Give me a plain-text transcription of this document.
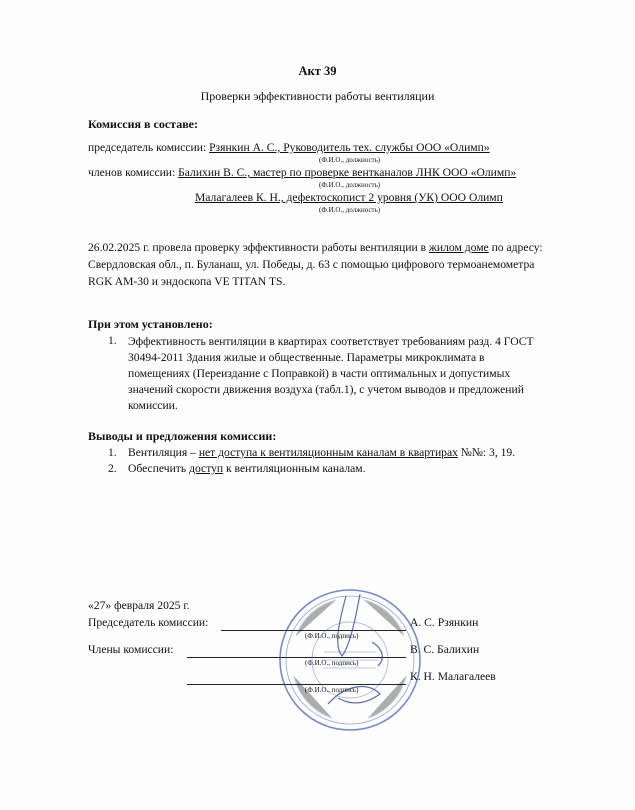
Акт 39
Проверки эффективности работы вентиляции
Комиссия в составе:
председатель комиссии: Рзянкин А. С., Руководитель тех. службы ООО «Олимп»
(Ф.И.О., должность)
членов комиссии: Балихин В. С., мастер по проверке вентканалов ЛНК ООО «Олимп»
(Ф.И.О., должность)
Малагалеев К. Н., дефектоскопист 2 уровня (УК) ООО Олимп
(Ф.И.О., должность)
26.02.2025 г. провела проверку эффективности работы вентиляции в жилом доме по адресу:
Свердловская обл., п. Буланаш, ул. Победы, д. 63 с помощью цифрового термоанемометра
RGK AM-30 и эндоскопа VE TITAN TS.
При этом установлено:
1. Эффективность вентиляции в квартирах соответствует требованиям разд. 4 ГОСТ
30494-2011 Здания жилые и общественные. Параметры микроклимата в
помещениях (Переиздание с Поправкой) в части оптимальных и допустимых
значений скорости движения воздуха (табл.1), с учетом выводов и предложений
комиссии.
Выводы и предложения комиссии:
1. Вентиляция – нет доступа к вентиляционным каналам в квартирах №№: 3, 19.
2. Обеспечить доступ к вентиляционным каналам.
«27» февраля 2025 г.
Председатель комиссии:	А. С. Рзянкин
(Ф.И.О., подпись)
Члены комиссии:	В. С. Балихин
(Ф.И.О., подпись)
К. Н. Малагалеев
(Ф.И.О., подпись)
